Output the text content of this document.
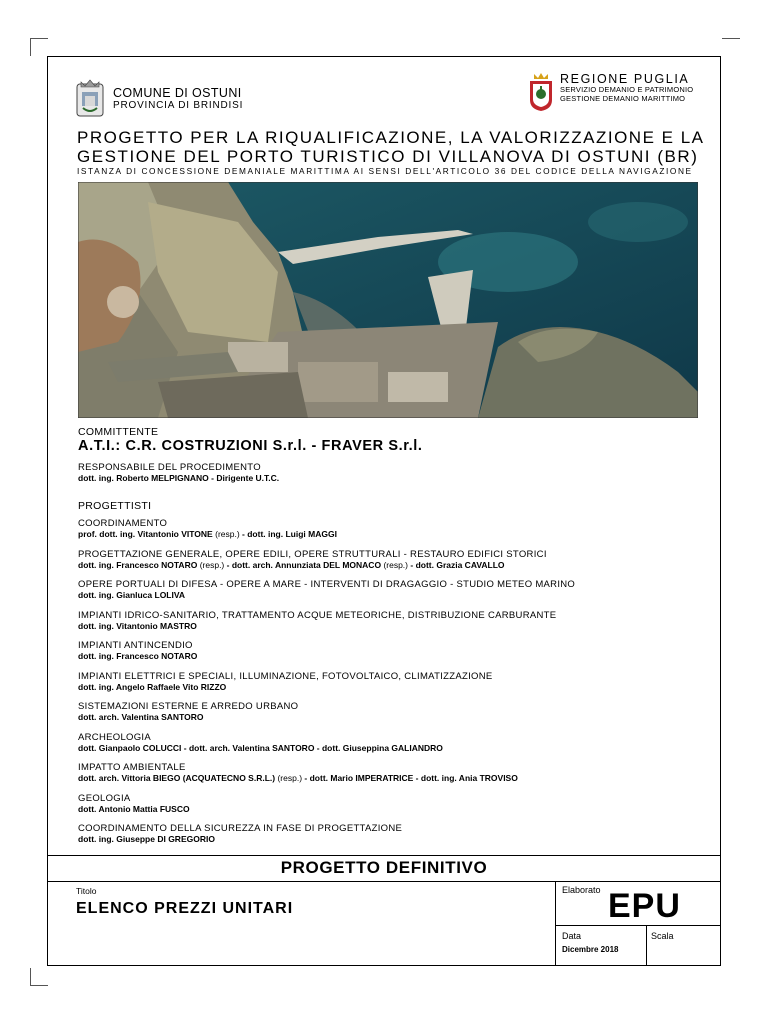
COMUNE DI OSTUNI
PROVINCIA DI BRINDISI
REGIONE PUGLIA
SERVIZIO DEMANIO E PATRIMONIO
GESTIONE DEMANIO MARITTIMO
PROGETTO PER LA RIQUALIFICAZIONE, LA VALORIZZAZIONE E LA
GESTIONE DEL PORTO TURISTICO DI VILLANOVA DI OSTUNI (BR)
ISTANZA DI CONCESSIONE DEMANIALE MARITTIMA AI SENSI DELL'ARTICOLO 36 DEL CODICE DELLA NAVIGAZIONE
COMMITTENTE
A.T.I.: C.R. COSTRUZIONI S.r.l. - FRAVER S.r.l.
RESPONSABILE DEL PROCEDIMENTO
dott. ing. Roberto MELPIGNANO - Dirigente U.T.C.
PROGETTISTI
COORDINAMENTO
prof. dott. ing. Vitantonio VITONE (resp.) - dott. ing. Luigi MAGGI
PROGETTAZIONE GENERALE, OPERE EDILI, OPERE STRUTTURALI - RESTAURO EDIFICI STORICI
dott. ing. Francesco NOTARO (resp.) - dott. arch. Annunziata DEL MONACO (resp.) - dott. Grazia CAVALLO
OPERE PORTUALI DI DIFESA - OPERE A MARE - INTERVENTI DI DRAGAGGIO - STUDIO METEO MARINO
dott. ing. Gianluca LOLIVA
IMPIANTI IDRICO-SANITARIO, TRATTAMENTO ACQUE METEORICHE, DISTRIBUZIONE CARBURANTE
dott. ing. Vitantonio MASTRO
IMPIANTI ANTINCENDIO
dott. ing. Francesco NOTARO
IMPIANTI ELETTRICI E SPECIALI, ILLUMINAZIONE, FOTOVOLTAICO, CLIMATIZZAZIONE
dott. ing. Angelo Raffaele Vito RIZZO
SISTEMAZIONI ESTERNE E ARREDO URBANO
dott. arch. Valentina SANTORO
ARCHEOLOGIA
dott. Gianpaolo COLUCCI - dott. arch. Valentina SANTORO - dott. Giuseppina GALIANDRO
IMPATTO AMBIENTALE
dott. arch. Vittoria BIEGO (ACQUATECNO S.R.L.) (resp.) - dott. Mario IMPERATRICE - dott. ing. Ania TROVISO
GEOLOGIA
dott. Antonio Mattia FUSCO
COORDINAMENTO DELLA SICUREZZA IN FASE DI PROGETTAZIONE
dott. ing. Giuseppe DI GREGORIO
PROGETTO DEFINITIVO
Titolo
ELENCO PREZZI UNITARI
Elaborato EPU
Data
Dicembre 2018
Scala
